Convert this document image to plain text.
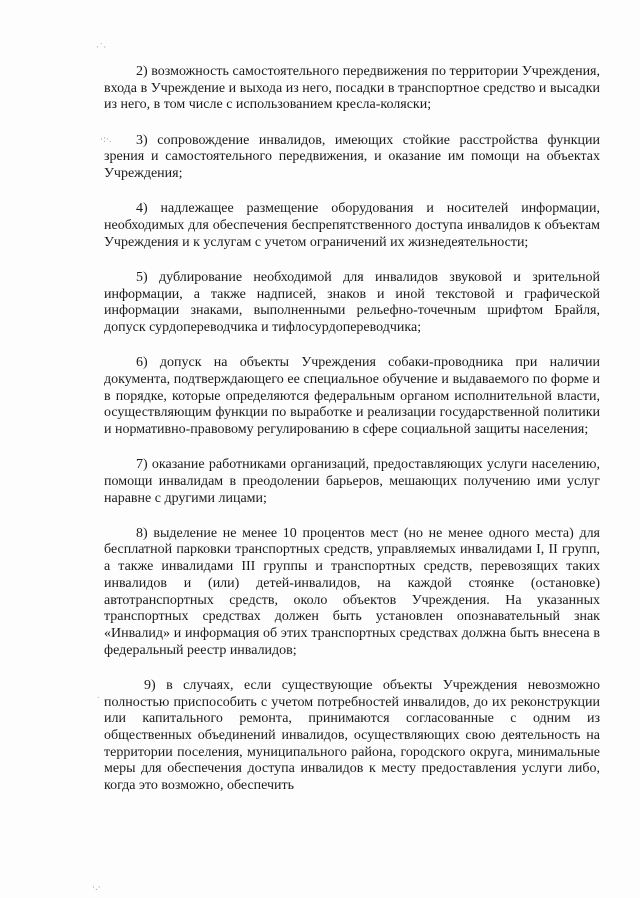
·˙·
·:·.
˙ ·
·.·

2) возможность самостоятельного передвижения по территории Учреждения, входа в Учреждение и выхода из него, посадки в транспортное средство и высадки из него, в том числе с использованием кресла-коляски;

3) сопровождение инвалидов, имеющих стойкие расстройства функции зрения и самостоятельного передвижения, и оказание им помощи на объектах Учреждения;

4) надлежащее размещение оборудования и носителей информации, необходимых для обеспечения беспрепятственного доступа инвалидов к объектам Учреждения и к услугам с учетом ограничений их жизнедеятельности;

5) дублирование необходимой для инвалидов звуковой и зрительной информации, а также надписей, знаков и иной текстовой и графической информации знаками, выполненными рельефно-точечным шрифтом Брайля, допуск сурдопереводчика и тифлосурдопереводчика;

6) допуск на объекты Учреждения собаки-проводника при наличии документа, подтверждающего ее специальное обучение и выдаваемого по форме и в порядке, которые определяются федеральным органом исполнительной власти, осуществляющим функции по выработке и реализации государственной политики и нормативно-правовому регулированию в сфере социальной защиты населения;

7) оказание работниками организаций, предоставляющих услуги населению, помощи инвалидам в преодолении барьеров, мешающих получению ими услуг наравне с другими лицами;

8) выделение не менее 10 процентов мест (но не менее одного места) для бесплатной парковки транспортных средств, управляемых инвалидами I, II групп, а также инвалидами III группы и транспортных средств, перевозящих таких инвалидов и (или) детей-инвалидов, на каждой стоянке (остановке) автотранспортных средств, около объектов Учреждения. На указанных транспортных средствах должен быть установлен опознавательный знак «Инвалид» и информация об этих транспортных средствах должна быть внесена в федеральный реестр инвалидов;

9) в случаях, если существующие объекты Учреждения невозможно полностью приспособить с учетом потребностей инвалидов, до их реконструкции или капитального ремонта, принимаются согласованные с одним из общественных объединений инвалидов, осуществляющих свою деятельность на территории поселения, муниципального района, городского округа, минимальные меры для обеспечения доступа инвалидов к месту предоставления услуги либо, когда это возможно, обеспечить
